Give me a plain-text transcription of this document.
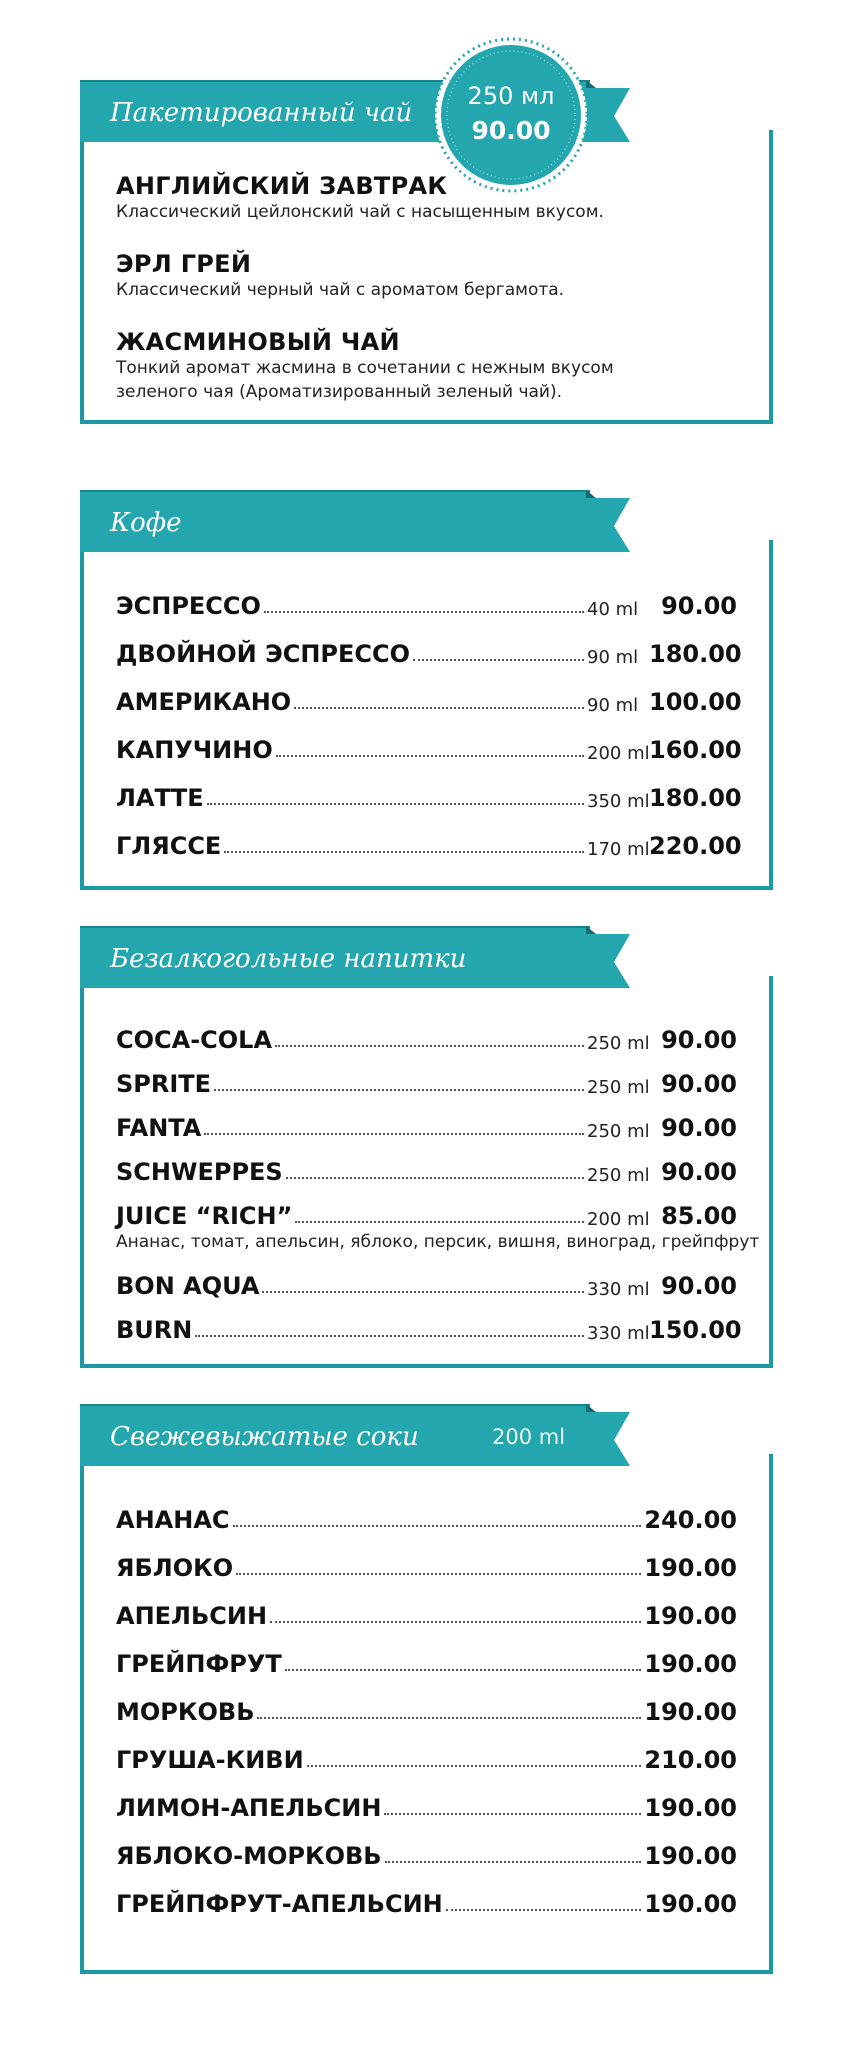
Пакетированный чай
250 мл
90.00
АНГЛИЙСКИЙ ЗАВТРАК
Классический цейлонский чай с насыщенным вкусом.
ЭРЛ ГРЕЙ
Классический черный чай с ароматом бергамота.
ЖАСМИНОВЫЙ ЧАЙ
Тонкий аромат жасмина в сочетании с нежным вкусом
зеленого чая (Ароматизированный зеленый чай).
Кофе
ЭСПРЕССО	40 ml 90.00
ДВОЙНОЙ ЭСПРЕССО	90 ml 180.00
АМЕРИКАНО	90 ml 100.00
КАПУЧИНО	200 ml 160.00
ЛАТТЕ	350 ml 180.00
ГЛЯССЕ	170 ml 220.00
Безалкогольные напитки
COCA-COLA	250 ml 90.00
SPRITE	250 ml 90.00
FANTA	250 ml 90.00
SCHWEPPES	250 ml 90.00
JUICE “RICH”	200 ml 85.00
Ананас, томат, апельсин, яблоко, персик, вишня, виноград, грейпфрут
BON AQUA	330 ml 90.00
BURN	330 ml 150.00
Свежевыжатые соки	200 ml
АНАНАС	240.00
ЯБЛОКО	190.00
АПЕЛЬСИН	190.00
ГРЕЙПФРУТ	190.00
МОРКОВЬ	190.00
ГРУША-КИВИ	210.00
ЛИМОН-АПЕЛЬСИН	190.00
ЯБЛОКО-МОРКОВЬ	190.00
ГРЕЙПФРУТ-АПЕЛЬСИН	190.00
